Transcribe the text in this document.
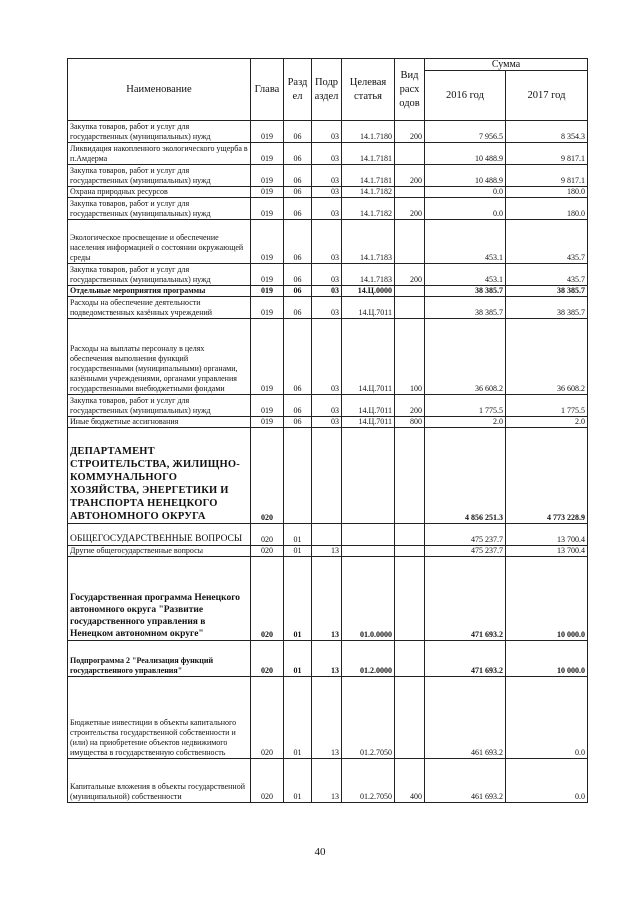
Наименование	Глава	Разд ел	Подр аздел	Целевая статья	Вид расх одов	Сумма	
						2016 год	2017 год
Закупка товаров, работ и услуг для государственных (муниципальных) нужд	019	06	03	14.1.7180	200	7 956.5	8 354.3
Ликвидация накопленного экологического ущерба в п.Амдерма	019	06	03	14.1.7181		10 488.9	9 817.1
Закупка товаров, работ и услуг для государственных (муниципальных) нужд	019	06	03	14.1.7181	200	10 488.9	9 817.1
Охрана природных ресурсов	019	06	03	14.1.7182		0.0	180.0
Закупка товаров, работ и услуг для государственных (муниципальных) нужд	019	06	03	14.1.7182	200	0.0	180.0
Экологическое просвещение и обеспечение населения информацией о состоянии окружающей среды	019	06	03	14.1.7183		453.1	435.7
Закупка товаров, работ и услуг для государственных (муниципальных) нужд	019	06	03	14.1.7183	200	453.1	435.7
Отдельные мероприятия программы	019	06	03	14.Ц.0000		38 385.7	38 385.7
Расходы на обеспечение деятельности подведомственных казённых учреждений	019	06	03	14.Ц.7011		38 385.7	38 385.7
Расходы на выплаты персоналу в целях обеспечения выполнения функций государственными (муниципальными) органами, казёнными учреждениями, органами управления государственными внебюджетными фондами	019	06	03	14.Ц.7011	100	36 608.2	36 608.2
Закупка товаров, работ и услуг для государственных (муниципальных) нужд	019	06	03	14.Ц.7011	200	1 775.5	1 775.5
Иные бюджетные ассигнования	019	06	03	14.Ц.7011	800	2.0	2.0
ДЕПАРТАМЕНТ СТРОИТЕЛЬСТВА, ЖИЛИЩНО-КОММУНАЛЬНОГО ХОЗЯЙСТВА, ЭНЕРГЕТИКИ И ТРАНСПОРТА НЕНЕЦКОГО АВТОНОМНОГО ОКРУГА	020					4 856 251.3	4 773 228.9
ОБЩЕГОСУДАРСТВЕННЫЕ ВОПРОСЫ	020	01				475 237.7	13 700.4
Другие общегосударственные вопросы	020	01	13			475 237.7	13 700.4
Государственная программа Ненецкого автономного округа "Развитие государственного управления в Ненецком автономном округе"	020	01	13	01.0.0000		471 693.2	10 000.0
Подпрограмма 2 "Реализация функций государственного управления"	020	01	13	01.2.0000		471 693.2	10 000.0
Бюджетные инвестиции в объекты капитального строительства государственной собственности и (или) на приобретение объектов недвижимого имущества в государственную собственность	020	01	13	01.2.7050		461 693.2	0.0
Капитальные вложения в объекты государственной (муниципальной) собственности	020	01	13	01.2.7050	400	461 693.2	0.0
40
